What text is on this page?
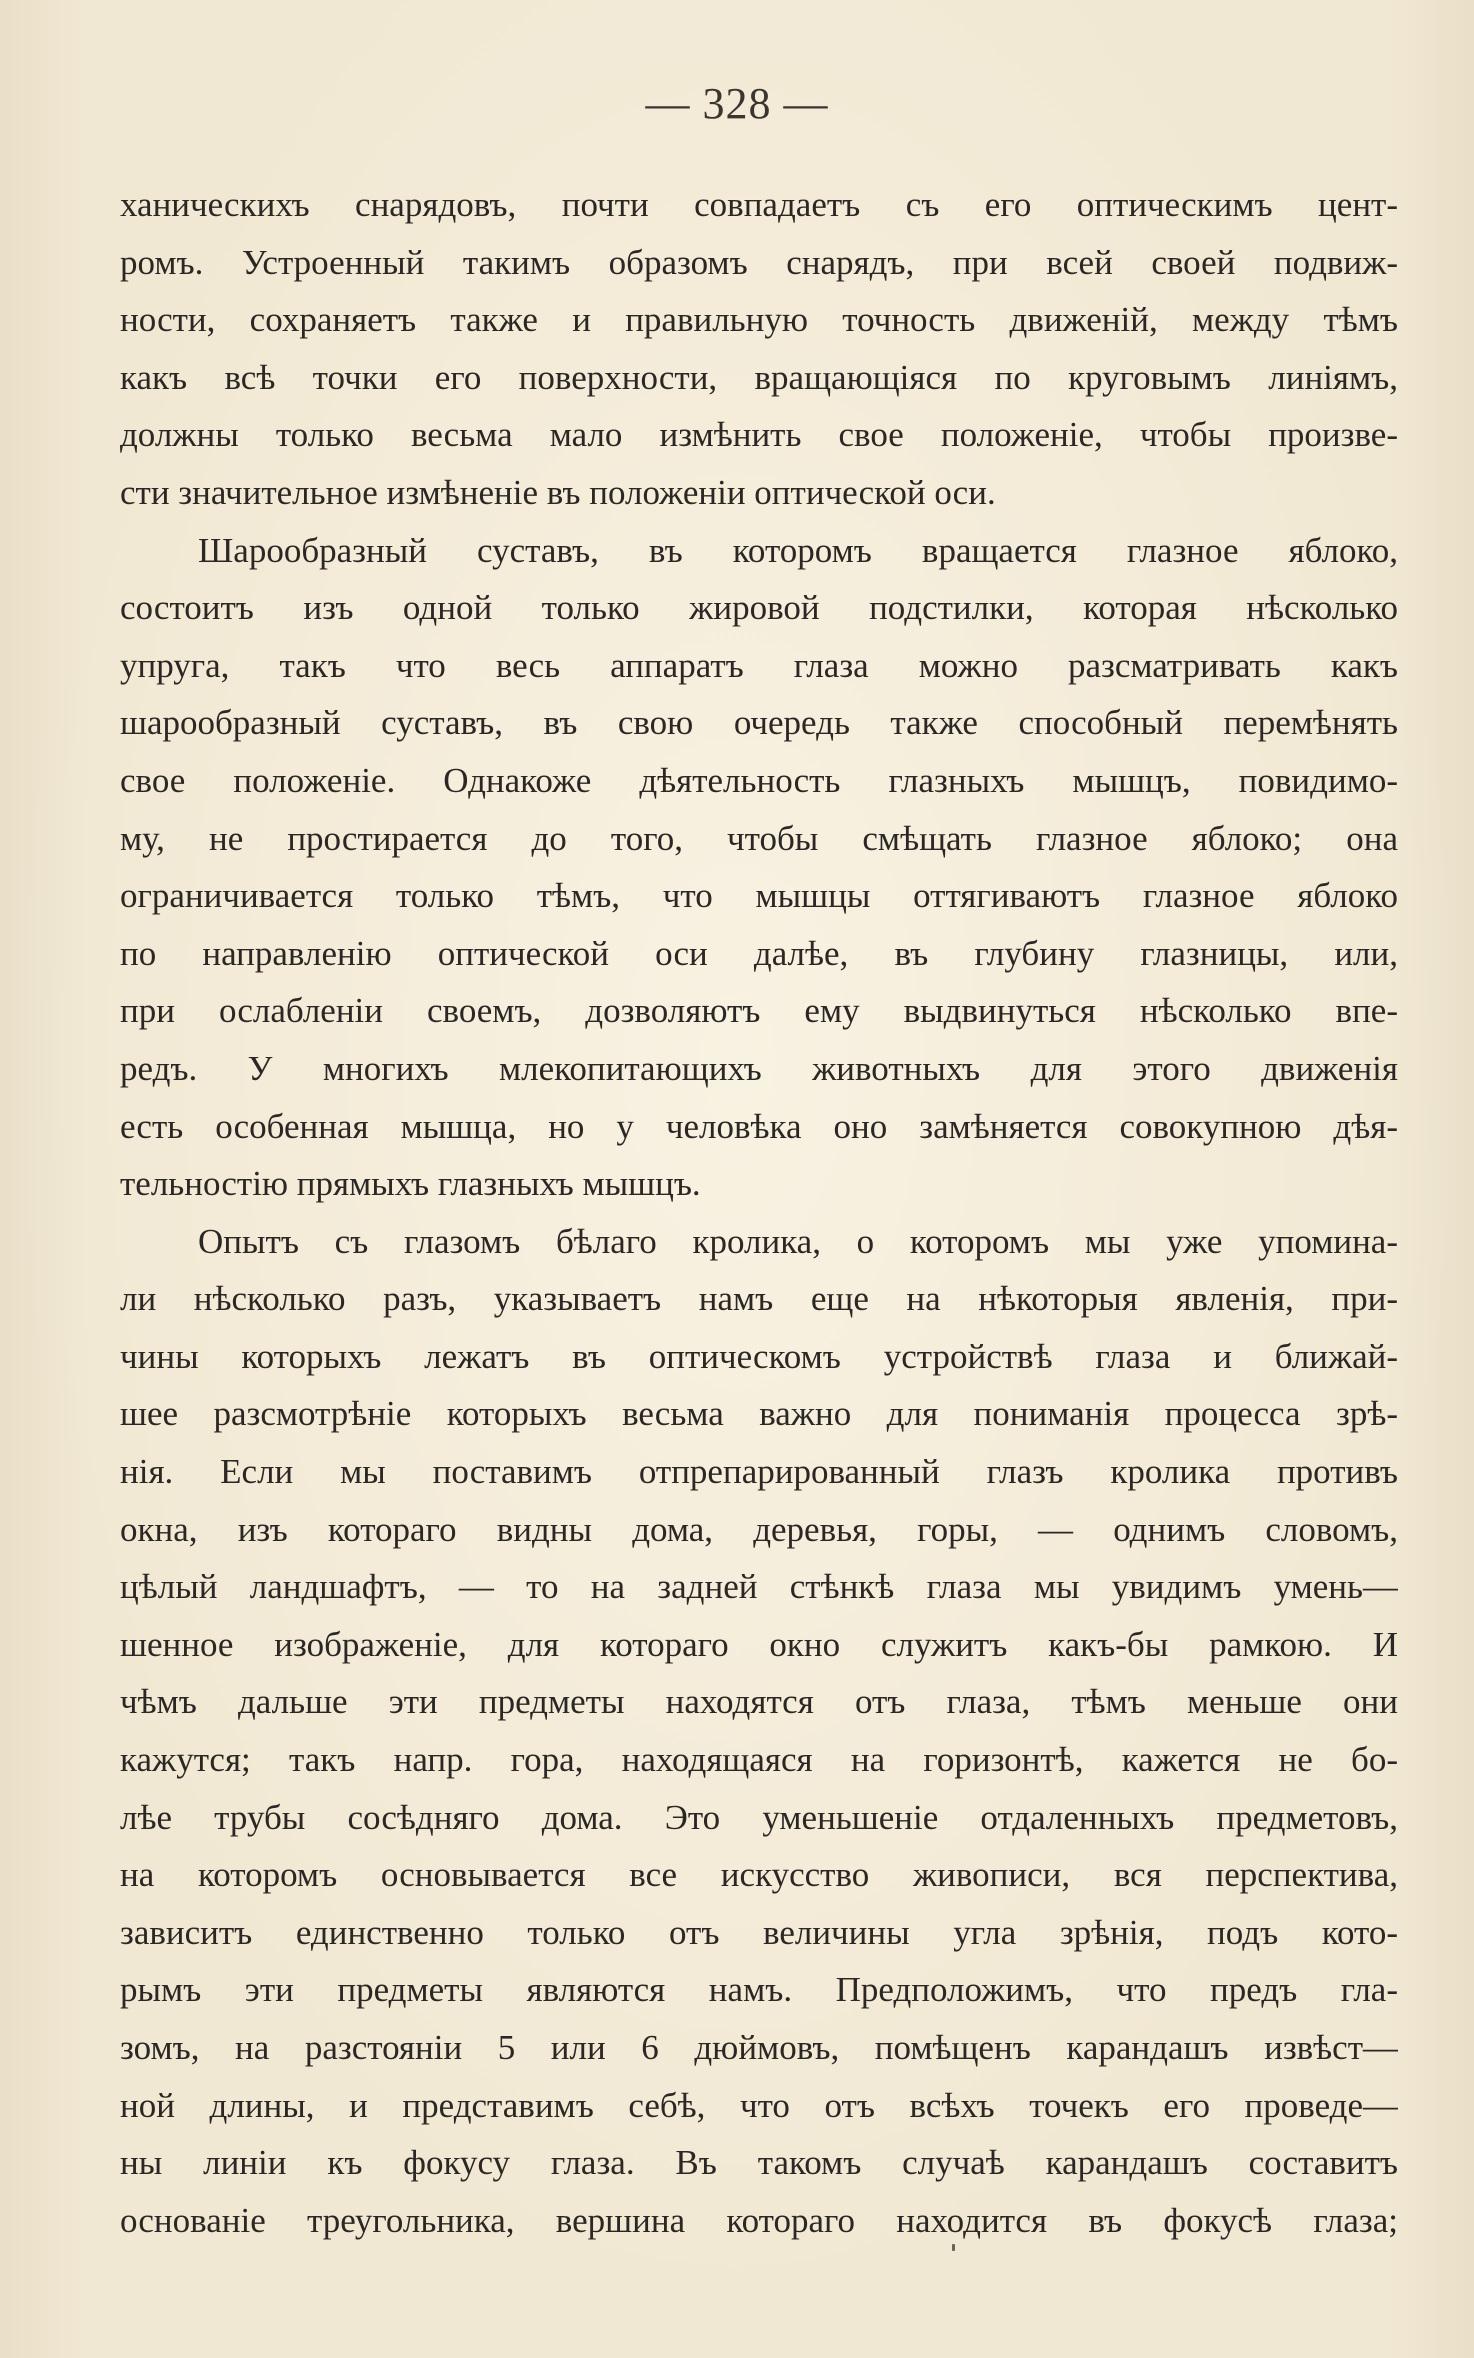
— 328 —
ханическихъ снарядовъ, почти совпадаетъ съ его оптическимъ цент-
ромъ. Устроенный такимъ образомъ снарядъ, при всей своей подвиж-
ности, сохраняетъ также и правильную точность движеній, между тѣмъ
какъ всѣ точки его поверхности, вращающіяся по круговымъ линіямъ,
должны только весьма мало измѣнить свое положеніе, чтобы произве-
сти значительное измѣненіе въ положеніи оптической оси.
Шарообразный суставъ, въ которомъ вращается глазное яблоко,
состоитъ изъ одной только жировой подстилки, которая нѣсколько
упруга, такъ что весь аппаратъ глаза можно разсматривать какъ
шарообразный суставъ, въ свою очередь также способный перемѣнять
свое положеніе. Однакоже дѣятельность глазныхъ мышцъ, повидимо-
му, не простирается до того, чтобы смѣщать глазное яблоко; она
ограничивается только тѣмъ, что мышцы оттягиваютъ глазное яблоко
по направленію оптической оси далѣе, въ глубину глазницы, или,
при ослабленіи своемъ, дозволяютъ ему выдвинуться нѣсколько впе-
редъ. У многихъ млекопитающихъ животныхъ для этого движенія
есть особенная мышца, но у человѣка оно замѣняется совокупною дѣя-
тельностію прямыхъ глазныхъ мышцъ.
Опытъ съ глазомъ бѣлаго кролика, о которомъ мы уже упомина-
ли нѣсколько разъ, указываетъ намъ еще на нѣкоторыя явленія, при-
чины которыхъ лежатъ въ оптическомъ устройствѣ глаза и ближай-
шее разсмотрѣніе которыхъ весьма важно для пониманія процесса зрѣ-
нія. Если мы поставимъ отпрепарированный глазъ кролика противъ
окна, изъ котораго видны дома, деревья, горы, — однимъ словомъ,
цѣлый ландшафтъ, — то на задней стѣнкѣ глаза мы увидимъ умень—
шенное изображеніе, для котораго окно служитъ какъ-бы рамкою. И
чѣмъ дальше эти предметы находятся отъ глаза, тѣмъ меньше они
кажутся; такъ напр. гора, находящаяся на горизонтѣ, кажется не бо-
лѣе трубы сосѣдняго дома. Это уменьшеніе отдаленныхъ предметовъ,
на которомъ основывается все искусство живописи, вся перспектива,
зависитъ единственно только отъ величины угла зрѣнія, подъ кото-
рымъ эти предметы являются намъ. Предположимъ, что предъ гла-
зомъ, на разстояніи 5 или 6 дюймовъ, помѣщенъ карандашъ извѣст—
ной длины, и представимъ себѣ, что отъ всѣхъ точекъ его проведе—
ны линіи къ фокусу глаза. Въ такомъ случаѣ карандашъ составитъ
основаніе треугольника, вершина котораго находится въ фокусѣ глаза;
